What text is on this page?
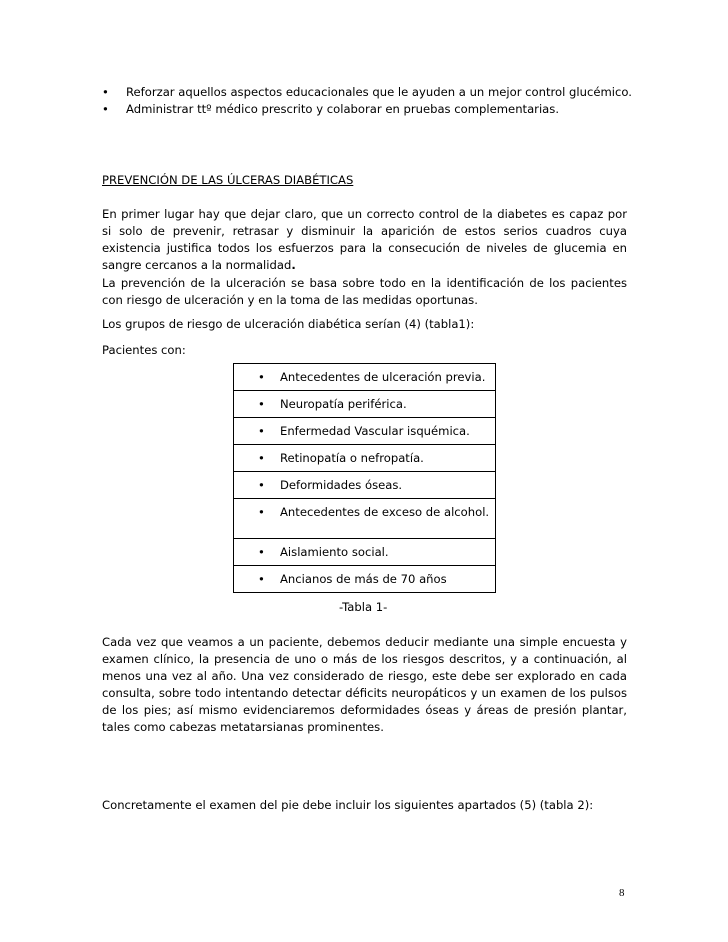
•	Reforzar aquellos aspectos educacionales que le ayuden a un mejor control glucémico.
•	Administrar ttº médico prescrito y colaborar en pruebas complementarias.
PREVENCIÓN DE LAS ÚLCERAS DIABÉTICAS

En primer lugar hay que dejar claro, que un correcto control de la diabetes es capaz por si solo de prevenir, retrasar y disminuir la aparición de estos serios cuadros cuya existencia justifica todos los esfuerzos para la consecución de niveles de glucemia en sangre cercanos a la normalidad.

La prevención de la ulceración se basa sobre todo en la identificación de los pacientes con riesgo de ulceración y en la toma de las medidas oportunas.

Los grupos de riesgo de ulceración diabética serían (4) (tabla1):

Pacientes con:

•	Antecedentes de ulceración previa.

•	Neuropatía periférica.

•	Enfermedad Vascular isquémica.

•	Retinopatía o nefropatía.

•	Deformidades óseas.

•	Antecedentes de exceso de alcohol.

•	Aislamiento social.

•	Ancianos de más de 70 años
-Tabla 1-

Cada vez que veamos a un paciente, debemos deducir mediante una simple encuesta y examen clínico, la presencia de uno o más de los riesgos descritos, y a continuación, al menos una vez al año. Una vez considerado de riesgo, este debe ser explorado en cada consulta, sobre todo intentando detectar déficits neuropáticos y un examen de los pulsos de los pies; así mismo evidenciaremos deformidades óseas y áreas de presión plantar, tales como cabezas metatarsianas prominentes.

Concretamente el examen del pie debe incluir los siguientes apartados (5) (tabla 2):

8
